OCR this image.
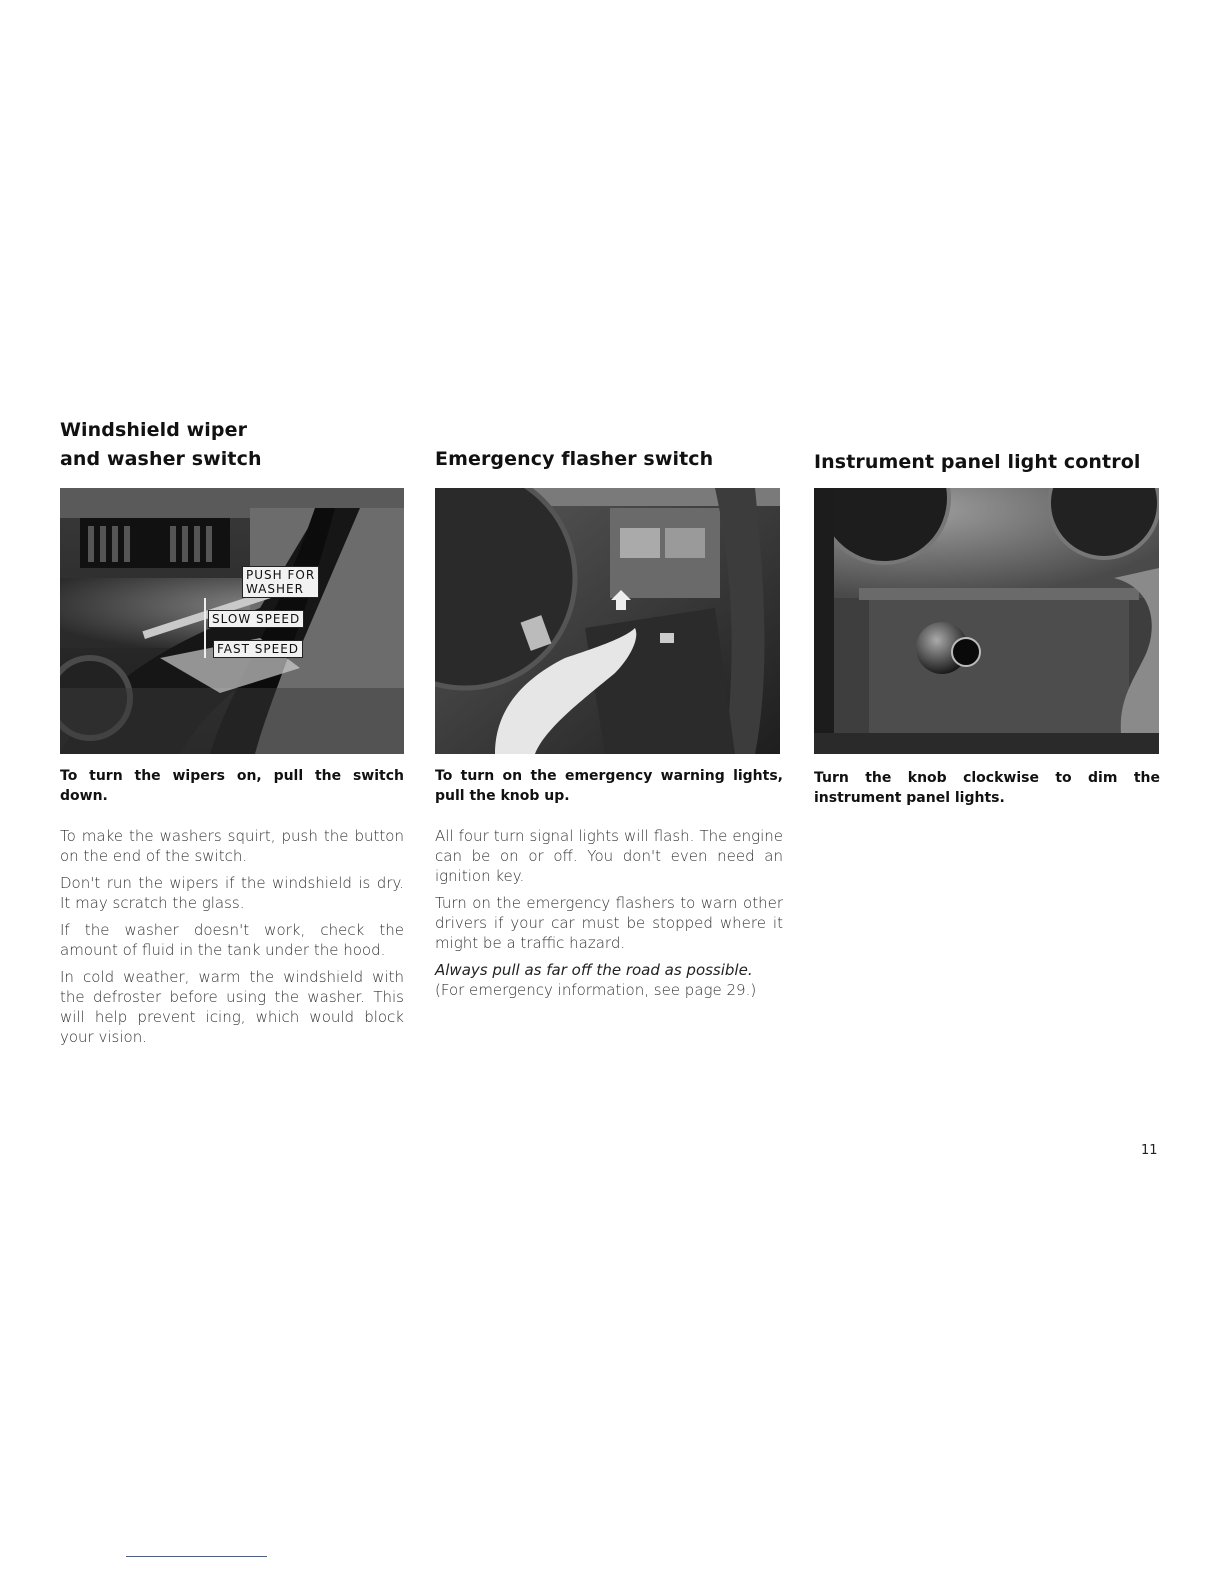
Windshield wiper
and washer switch
PUSH FOR
WASHER
SLOW SPEED
FAST SPEED

To turn the wipers on, pull the switch down.

To make the washers squirt, push the button on the end of the switch.

Don't run the wipers if the windshield is dry. It may scratch the glass.

If the washer doesn't work, check the amount of fluid in the tank under the hood.

In cold weather, warm the windshield with the defroster before using the washer. This will help prevent icing, which would block your vision.

Emergency flasher switch

To turn on the emergency warning lights, pull the knob up.

All four turn signal lights will flash. The engine can be on or off. You don't even need an ignition key.

Turn on the emergency flashers to warn other drivers if your car must be stopped where it might be a traffic hazard.

Always pull as far off the road as possible.
(For emergency information, see page 29.)

Instrument panel light control

Turn the knob clockwise to dim the instrument panel lights.

11
